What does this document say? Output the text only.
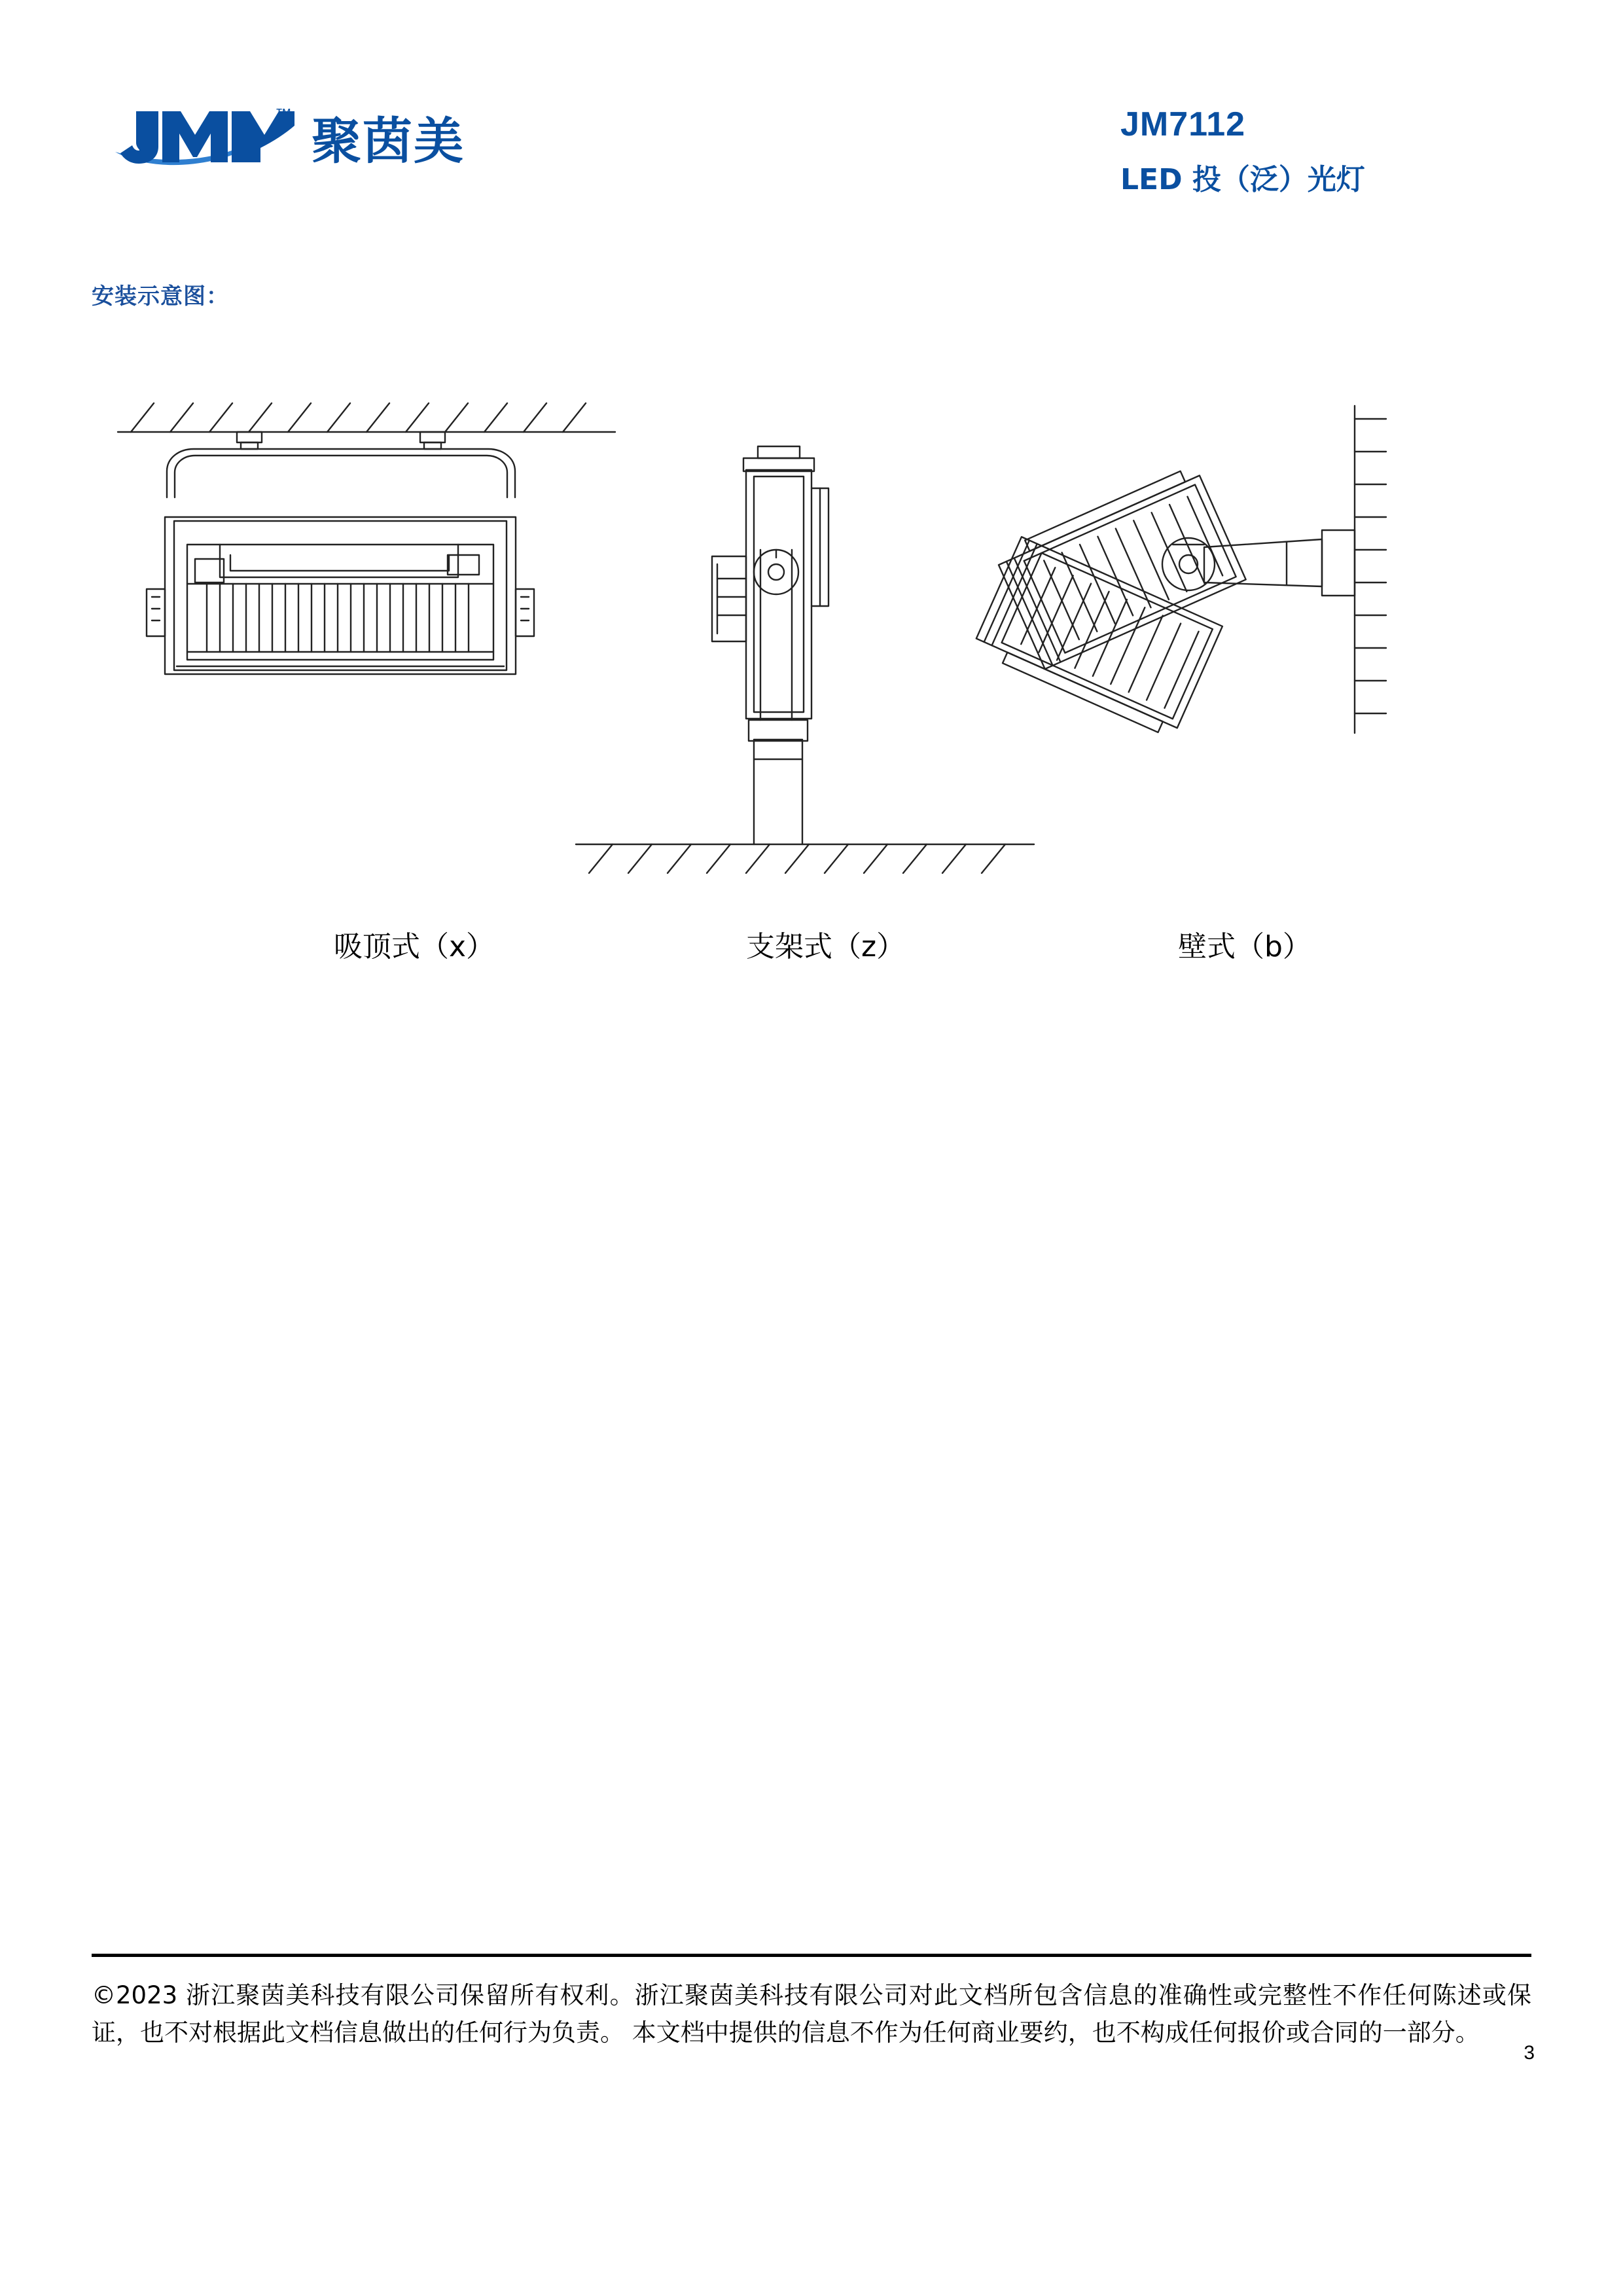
™ 聚茵美	JM7112
LED 投（泛）光灯
安装示意图：
吸顶式（x）	支架式（z）	壁式（b）
©2023 浙江聚茵美科技有限公司保留所有权利。浙江聚茵美科技有限公司对此文档所包含信息的准确性或完整性不作任何陈述或保证，也不对根据此文档信息做出的任何行为负责。 本文档中提供的信息不作为任何商业要约，也不构成任何报价或合同的一部分。
3
